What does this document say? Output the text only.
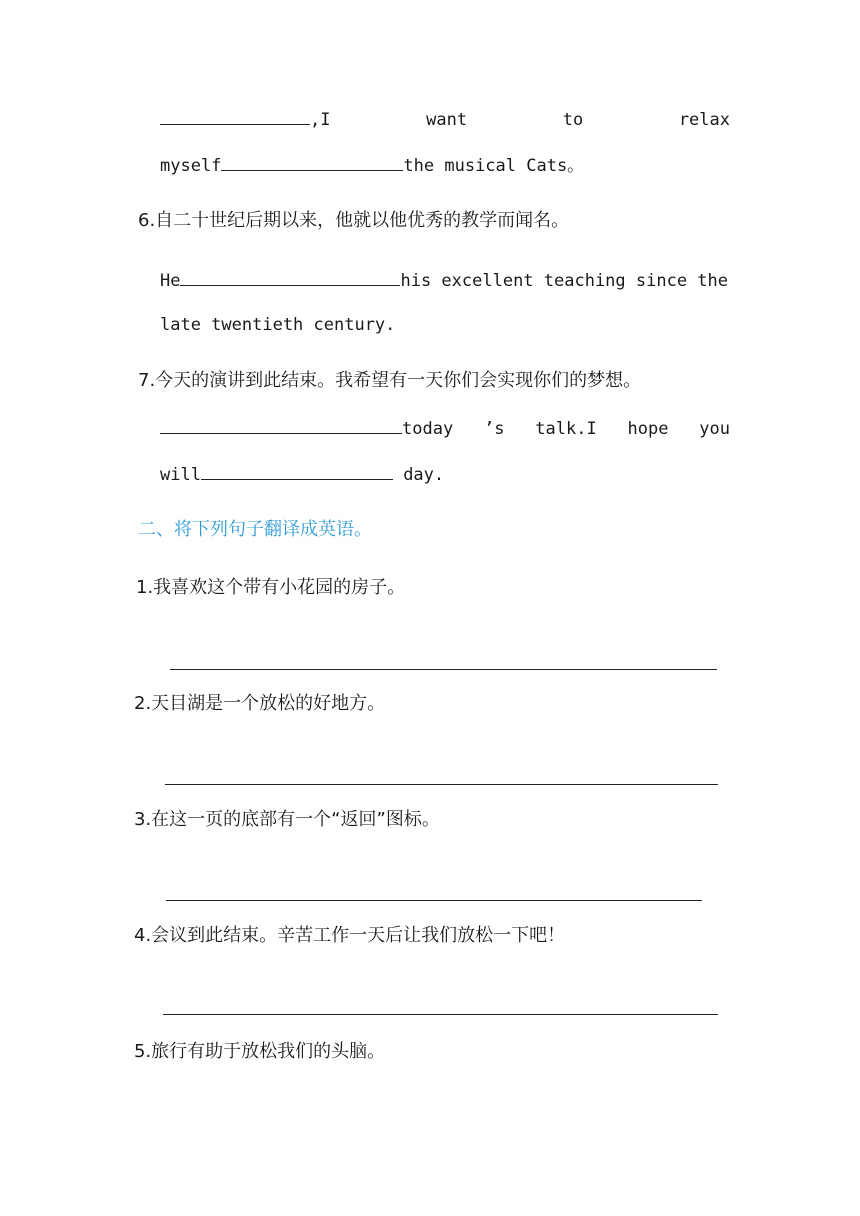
,I	want	to	relax
myself	the musical Cats。
6.自二十世纪后期以来，他就以他优秀的教学而闻名。
He	his excellent teaching since the
late twentieth century.
7.今天的演讲到此结束。我希望有一天你们会实现你们的梦想。
today ’s talk.I hope you
will	day.
二、将下列句子翻译成英语。
1.我喜欢这个带有小花园的房子。
2.天目湖是一个放松的好地方。
3.在这一页的底部有一个“返回”图标。
4.会议到此结束。辛苦工作一天后让我们放松一下吧！
5.旅行有助于放松我们的头脑。
